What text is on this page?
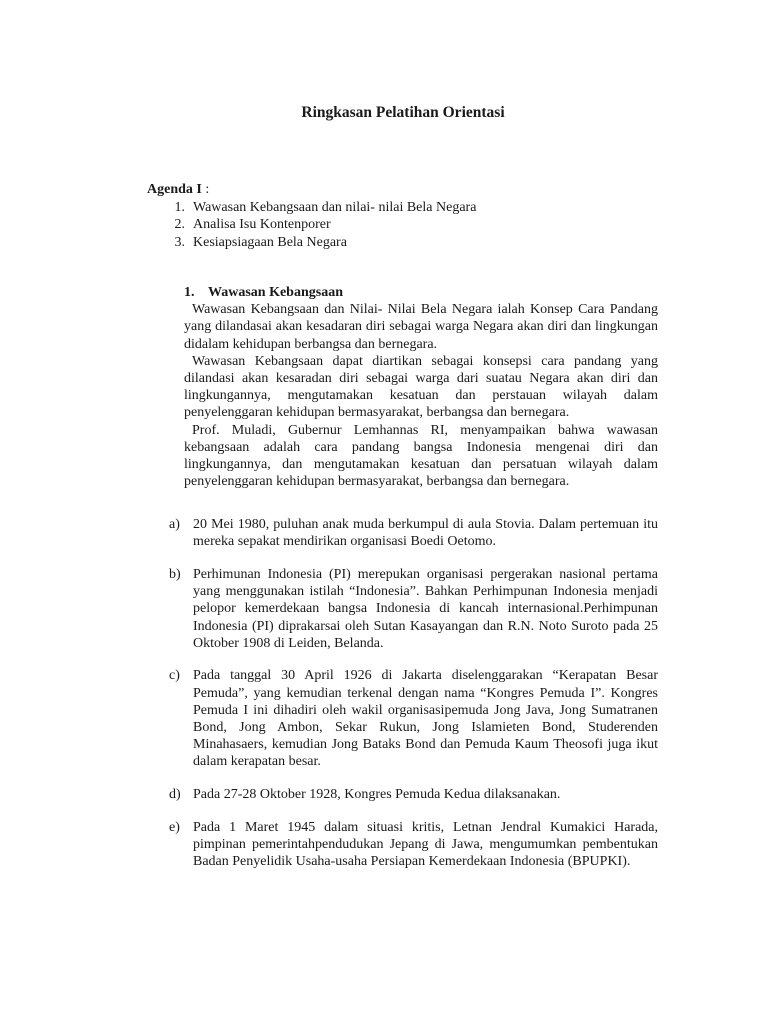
Ringkasan Pelatihan Orientasi
Agenda I :
1. Wawasan Kebangsaan dan nilai- nilai Bela Negara
2. Analisa Isu Kontenporer
3. Kesiapsiagaan Bela Negara
1. Wawasan Kebangsaan

Wawasan Kebangsaan dan Nilai- Nilai Bela Negara ialah Konsep Cara Pandang yang dilandasai akan kesadaran diri sebagai warga Negara akan diri dan lingkungan didalam kehidupan berbangsa dan bernegara.

Wawasan Kebangsaan dapat diartikan sebagai konsepsi cara pandang yang dilandasi akan kesaradan diri sebagai warga dari suatau Negara akan diri dan lingkungannya, mengutamakan kesatuan dan perstauan wilayah dalam penyelenggaran kehidupan bermasyarakat, berbangsa dan bernegara.

Prof. Muladi, Gubernur Lemhannas RI, menyampaikan bahwa wawasan kebangsaan adalah cara pandang bangsa Indonesia mengenai diri dan lingkungannya, dan mengutamakan kesatuan dan persatuan wilayah dalam penyelenggaran kehidupan bermasyarakat, berbangsa dan bernegara.

a) 20 Mei 1980, puluhan anak muda berkumpul di aula Stovia. Dalam pertemuan itu mereka sepakat mendirikan organisasi Boedi Oetomo.
b) Perhimunan Indonesia (PI) merepukan organisasi pergerakan nasional pertama yang menggunakan istilah “Indonesia”. Bahkan Perhimpunan Indonesia menjadi pelopor kemerdekaan bangsa Indonesia di kancah internasional.Perhimpunan Indonesia (PI) diprakarsai oleh Sutan Kasayangan dan R.N. Noto Suroto pada 25 Oktober 1908 di Leiden, Belanda.
c) Pada tanggal 30 April 1926 di Jakarta diselenggarakan “Kerapatan Besar Pemuda”, yang kemudian terkenal dengan nama “Kongres Pemuda I”. Kongres Pemuda I ini dihadiri oleh wakil organisasipemuda Jong Java, Jong Sumatranen Bond, Jong Ambon, Sekar Rukun, Jong Islamieten Bond, Studerenden Minahasaers, kemudian Jong Bataks Bond dan Pemuda Kaum Theosofi juga ikut dalam kerapatan besar.
d) Pada 27-28 Oktober 1928, Kongres Pemuda Kedua dilaksanakan.
e) Pada 1 Maret 1945 dalam situasi kritis, Letnan Jendral Kumakici Harada, pimpinan pemerintahpendudukan Jepang di Jawa, mengumumkan pembentukan Badan Penyelidik Usaha-usaha Persiapan Kemerdekaan Indonesia (BPUPKI).
